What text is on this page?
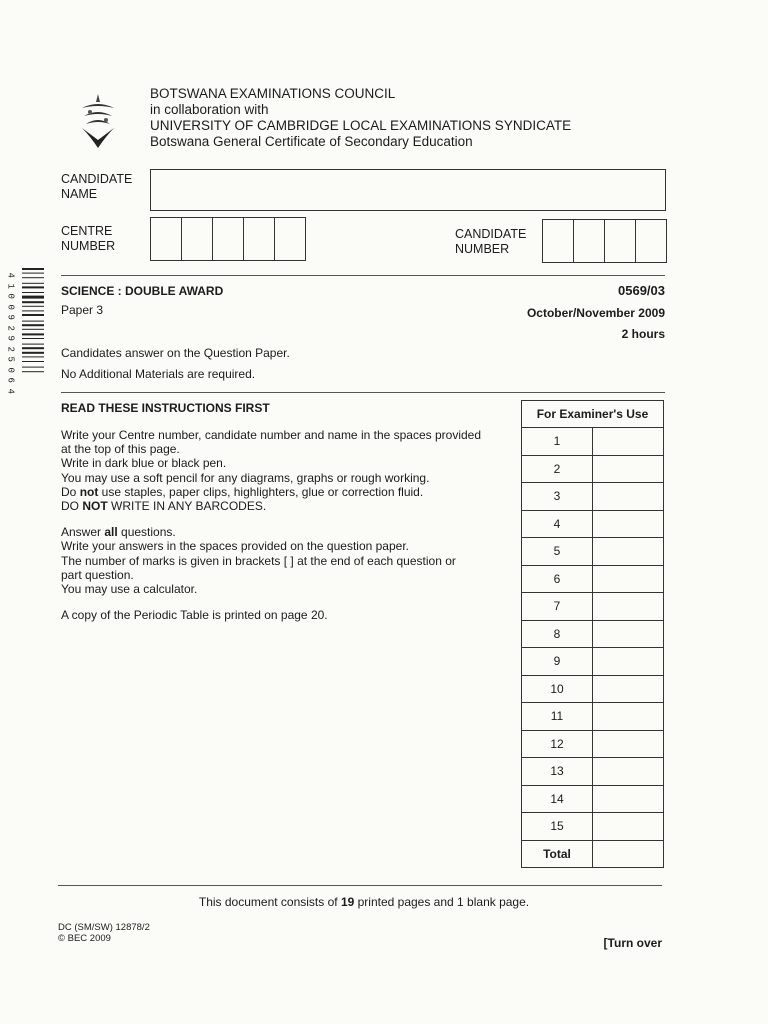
BOTSWANA EXAMINATIONS COUNCIL
in collaboration with
UNIVERSITY OF CAMBRIDGE LOCAL EXAMINATIONS SYNDICATE
Botswana General Certificate of Secondary Education
CANDIDATE
NAME
CENTRE
NUMBER
CANDIDATE
NUMBER
4
1
0
0
9
2
9
2
5
0
6
4
SCIENCE : DOUBLE AWARD	0569/03
Paper 3	October/November 2009
2 hours
Candidates answer on the Question Paper.
No Additional Materials are required.
READ THESE INSTRUCTIONS FIRST

Write your Centre number, candidate number and name in the spaces provided
at the top of this page.
Write in dark blue or black pen.
You may use a soft pencil for any diagrams, graphs or rough working.
Do not use staples, paper clips, highlighters, glue or correction fluid.
DO NOT WRITE IN ANY BARCODES.

Answer all questions.
Write your answers in the spaces provided on the question paper.
The number of marks is given in brackets [ ] at the end of each question or
part question.
You may use a calculator.

A copy of the Periodic Table is printed on page 20.

For Examiner's Use	
1	
2	
3	
4	
5	
6	
7	
8	
9	
10	
11	
12	
13	
14	
15	
Total	
This document consists of 19 printed pages and 1 blank page.
DC (SM/SW) 12878/2
© BEC 2009	[Turn over
